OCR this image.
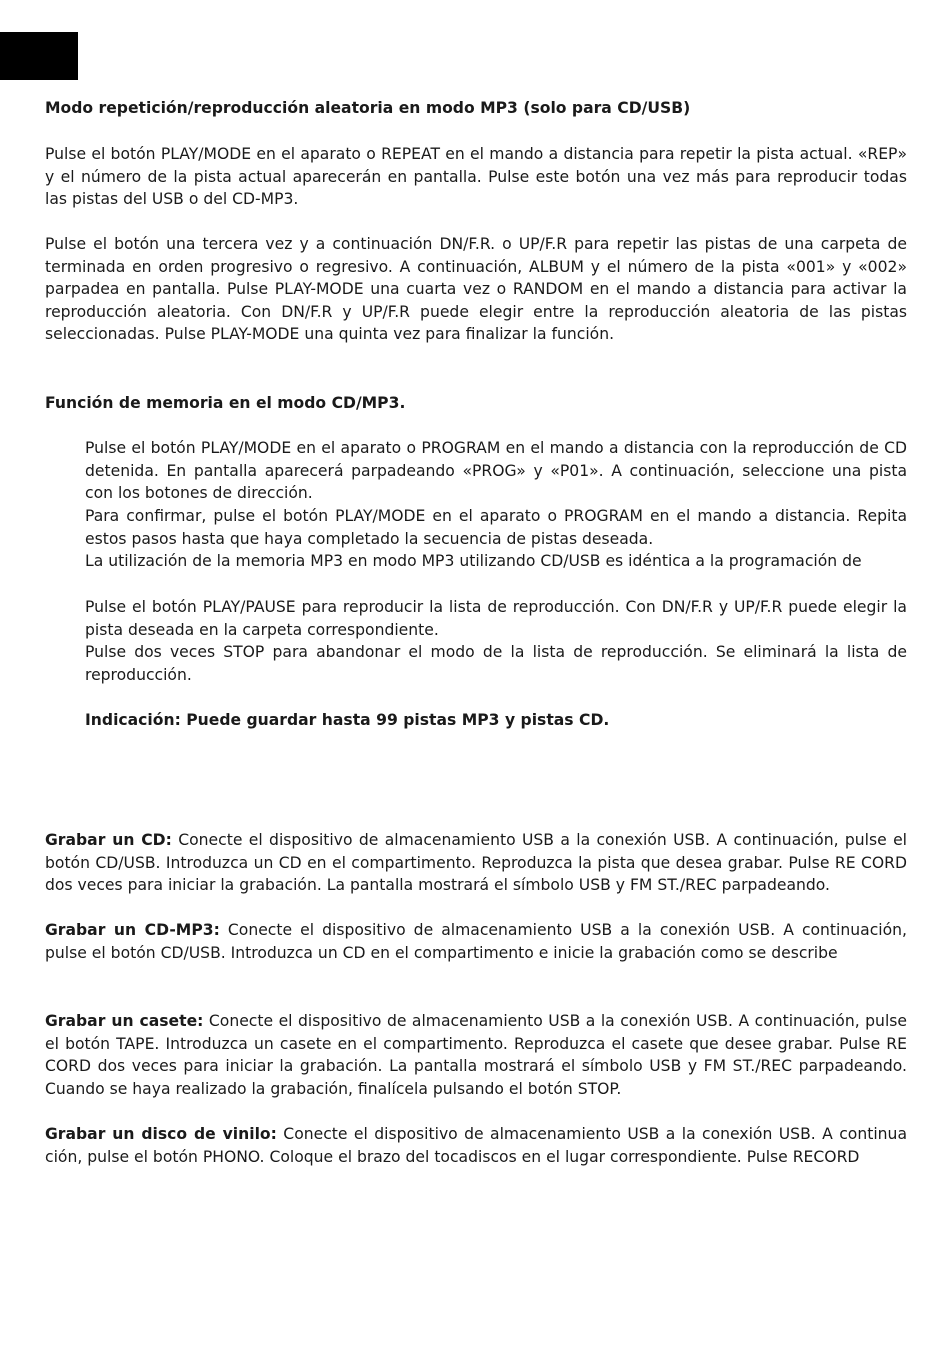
Modo repetición/reproducción aleatoria en modo MP3 (solo para CD/USB)

Pulse el botón PLAY/MODE en el aparato o REPEAT en el mando a distancia para repetir la pista actual. «REP» y el número de la pista actual aparecerán en pantalla. Pulse este botón una vez más para reproducir todas las pistas del USB o del CD-MP3.

Pulse el botón una tercera vez y a continuación DN/F.R. o UP/F.R para repetir las pistas de una carpeta de terminada en orden progresivo o regresivo. A continuación, ALBUM y el número de la pista «001» y «002» parpadea en pantalla. Pulse PLAY-MODE una cuarta vez o RANDOM en el mando a distancia para activar la reproducción aleatoria. Con DN/F.R y UP/F.R puede elegir entre la reproducción aleatoria de las pistas seleccionadas. Pulse PLAY-MODE una quinta vez para finalizar la función.

Función de memoria en el modo CD/MP3.

Pulse el botón PLAY/MODE en el aparato o PROGRAM en el mando a distancia con la reproducción de CD detenida. En pantalla aparecerá parpadeando «PROG» y «P01». A continuación, seleccione una pista con los botones de dirección.

Para confirmar, pulse el botón PLAY/MODE en el aparato o PROGRAM en el mando a distancia. Repita estos pasos hasta que haya completado la secuencia de pistas deseada.

La utilización de la memoria MP3 en modo MP3 utilizando CD/USB es idéntica a la programación de

Pulse el botón PLAY/PAUSE para reproducir la lista de reproducción. Con DN/F.R y UP/F.R puede elegir la pista deseada en la carpeta correspondiente.

Pulse dos veces STOP para abandonar el modo de la lista de reproducción. Se eliminará la lista de reproducción.

Indicación: Puede guardar hasta 99 pistas MP3 y pistas CD.

Grabar un CD: Conecte el dispositivo de almacenamiento USB a la conexión USB. A continuación, pulse el botón CD/USB. Introduzca un CD en el compartimento. Reproduzca la pista que desea grabar. Pulse RE CORD dos veces para iniciar la grabación. La pantalla mostrará el símbolo USB y FM ST./REC parpadeando.

Grabar un CD-MP3: Conecte el dispositivo de almacenamiento USB a la conexión USB. A continuación, pulse el botón CD/USB. Introduzca un CD en el compartimento e inicie la grabación como se describe

Grabar un casete: Conecte el dispositivo de almacenamiento USB a la conexión USB. A continuación, pulse el botón TAPE. Introduzca un casete en el compartimento. Reproduzca el casete que desee grabar. Pulse RE CORD dos veces para iniciar la grabación. La pantalla mostrará el símbolo USB y FM ST./REC parpadeando. Cuando se haya realizado la grabación, finalícela pulsando el botón STOP.

Grabar un disco de vinilo: Conecte el dispositivo de almacenamiento USB a la conexión USB. A continua ción, pulse el botón PHONO. Coloque el brazo del tocadiscos en el lugar correspondiente. Pulse RECORD
